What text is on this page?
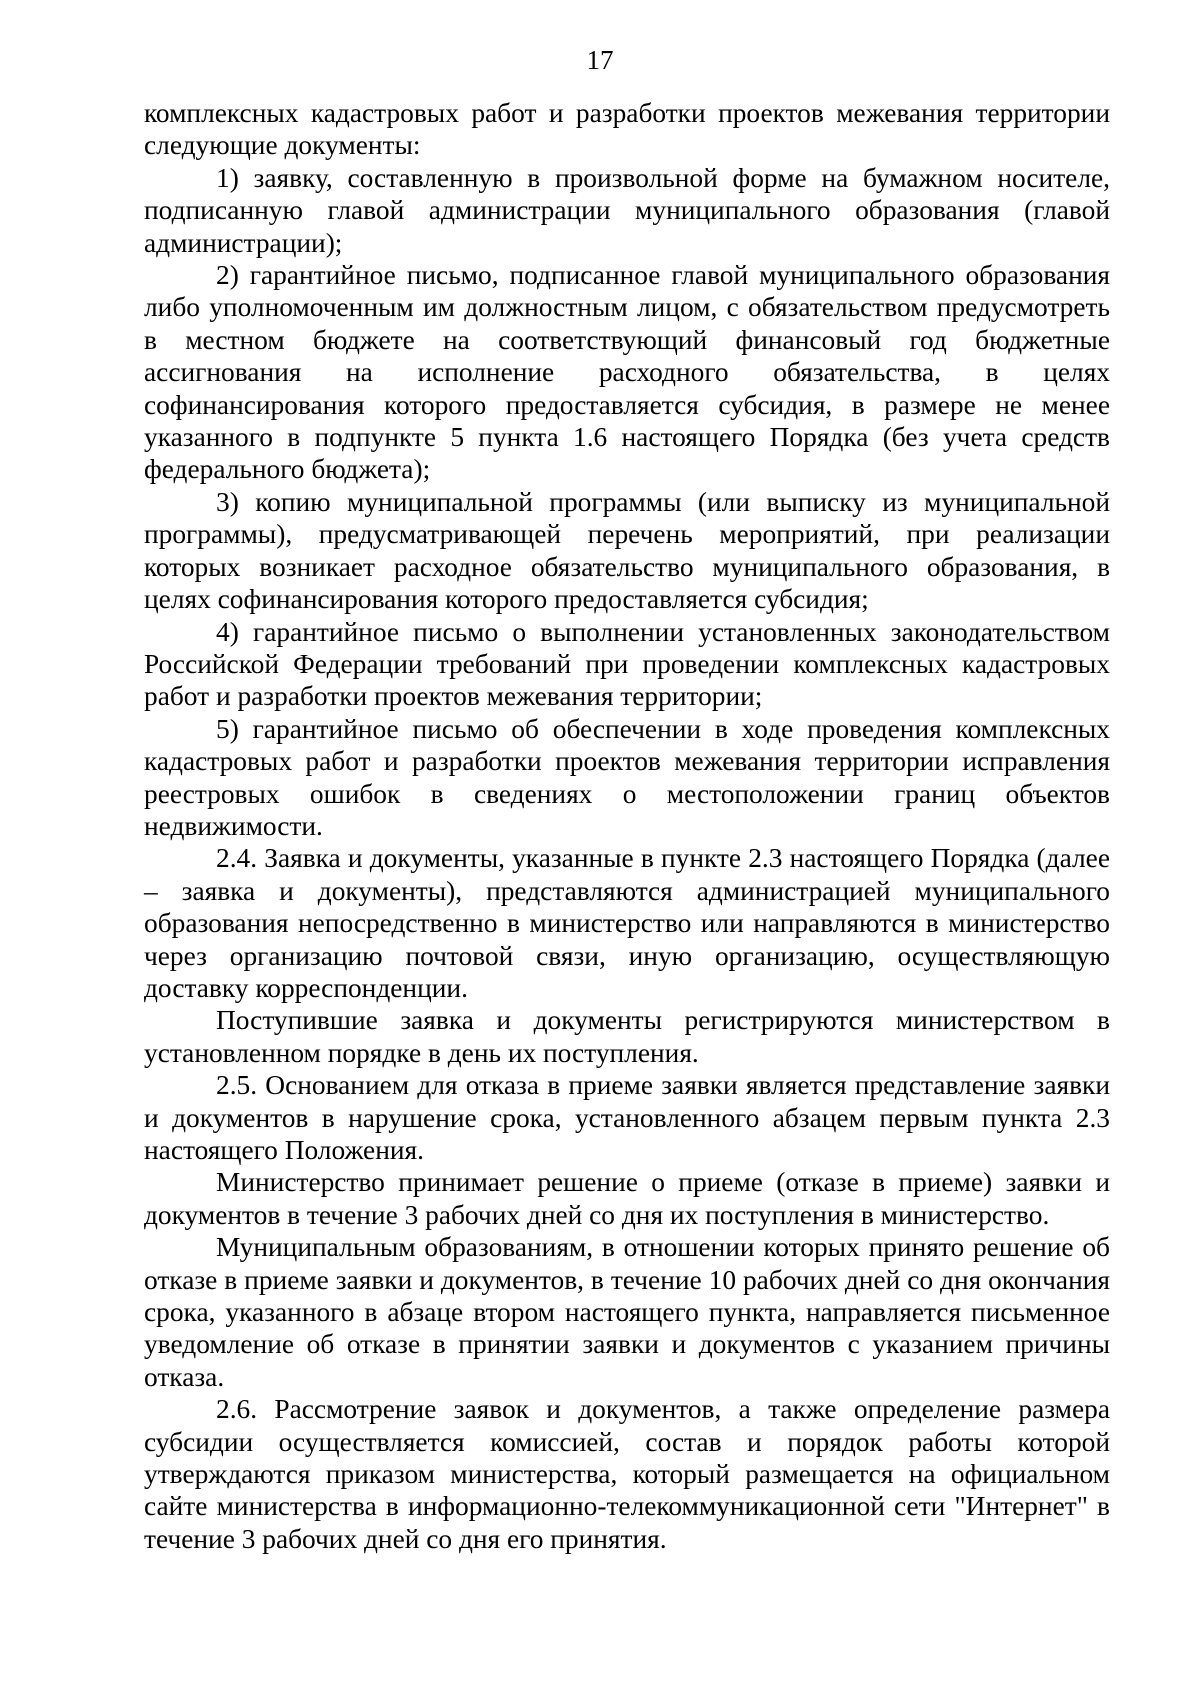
17

комплексных кадастровых работ и разработки проектов межевания территории следующие документы:

1) заявку, составленную в произвольной форме на бумажном носителе, подписанную главой администрации муниципального образования (главой администрации);

2) гарантийное письмо, подписанное главой муниципального образования либо уполномоченным им должностным лицом, с обязательством предусмотреть в местном бюджете на соответствующий финансовый год бюджетные ассигнования на исполнение расходного обязательства, в целях софинансирования которого предоставляется субсидия, в размере не менее указанного в подпункте 5 пункта 1.6 настоящего Порядка (без учета средств федерального бюджета);

3) копию муниципальной программы (или выписку из муниципальной программы), предусматривающей перечень мероприятий, при реализации которых возникает расходное обязательство муниципального образования, в целях софинансирования которого предоставляется субсидия;

4) гарантийное письмо о выполнении установленных законодательством Российской Федерации требований при проведении комплексных кадастровых работ и разработки проектов межевания территории;

5) гарантийное письмо об обеспечении в ходе проведения комплексных кадастровых работ и разработки проектов межевания территории исправления реестровых ошибок в сведениях о местоположении границ объектов недвижимости.

2.4. Заявка и документы, указанные в пункте 2.3 настоящего Порядка (далее – заявка и документы), представляются администрацией муниципального образования непосредственно в министерство или направляются в министерство через организацию почтовой связи, иную организацию, осуществляющую доставку корреспонденции.

Поступившие заявка и документы регистрируются министерством в установленном порядке в день их поступления.

2.5. Основанием для отказа в приеме заявки является представление заявки и документов в нарушение срока, установленного абзацем первым пункта 2.3 настоящего Положения.

Министерство принимает решение о приеме (отказе в приеме) заявки и документов в течение 3 рабочих дней со дня их поступления в министерство.

Муниципальным образованиям, в отношении которых принято решение об отказе в приеме заявки и документов, в течение 10 рабочих дней со дня окончания срока, указанного в абзаце втором настоящего пункта, направляется письменное уведомление об отказе в принятии заявки и документов с указанием причины отказа.

2.6. Рассмотрение заявок и документов, а также определение размера субсидии осуществляется комиссией, состав и порядок работы которой утверждаются приказом министерства, который размещается на официальном сайте министерства в информационно-телекоммуникационной сети "Интернет" в течение 3 рабочих дней со дня его принятия.
